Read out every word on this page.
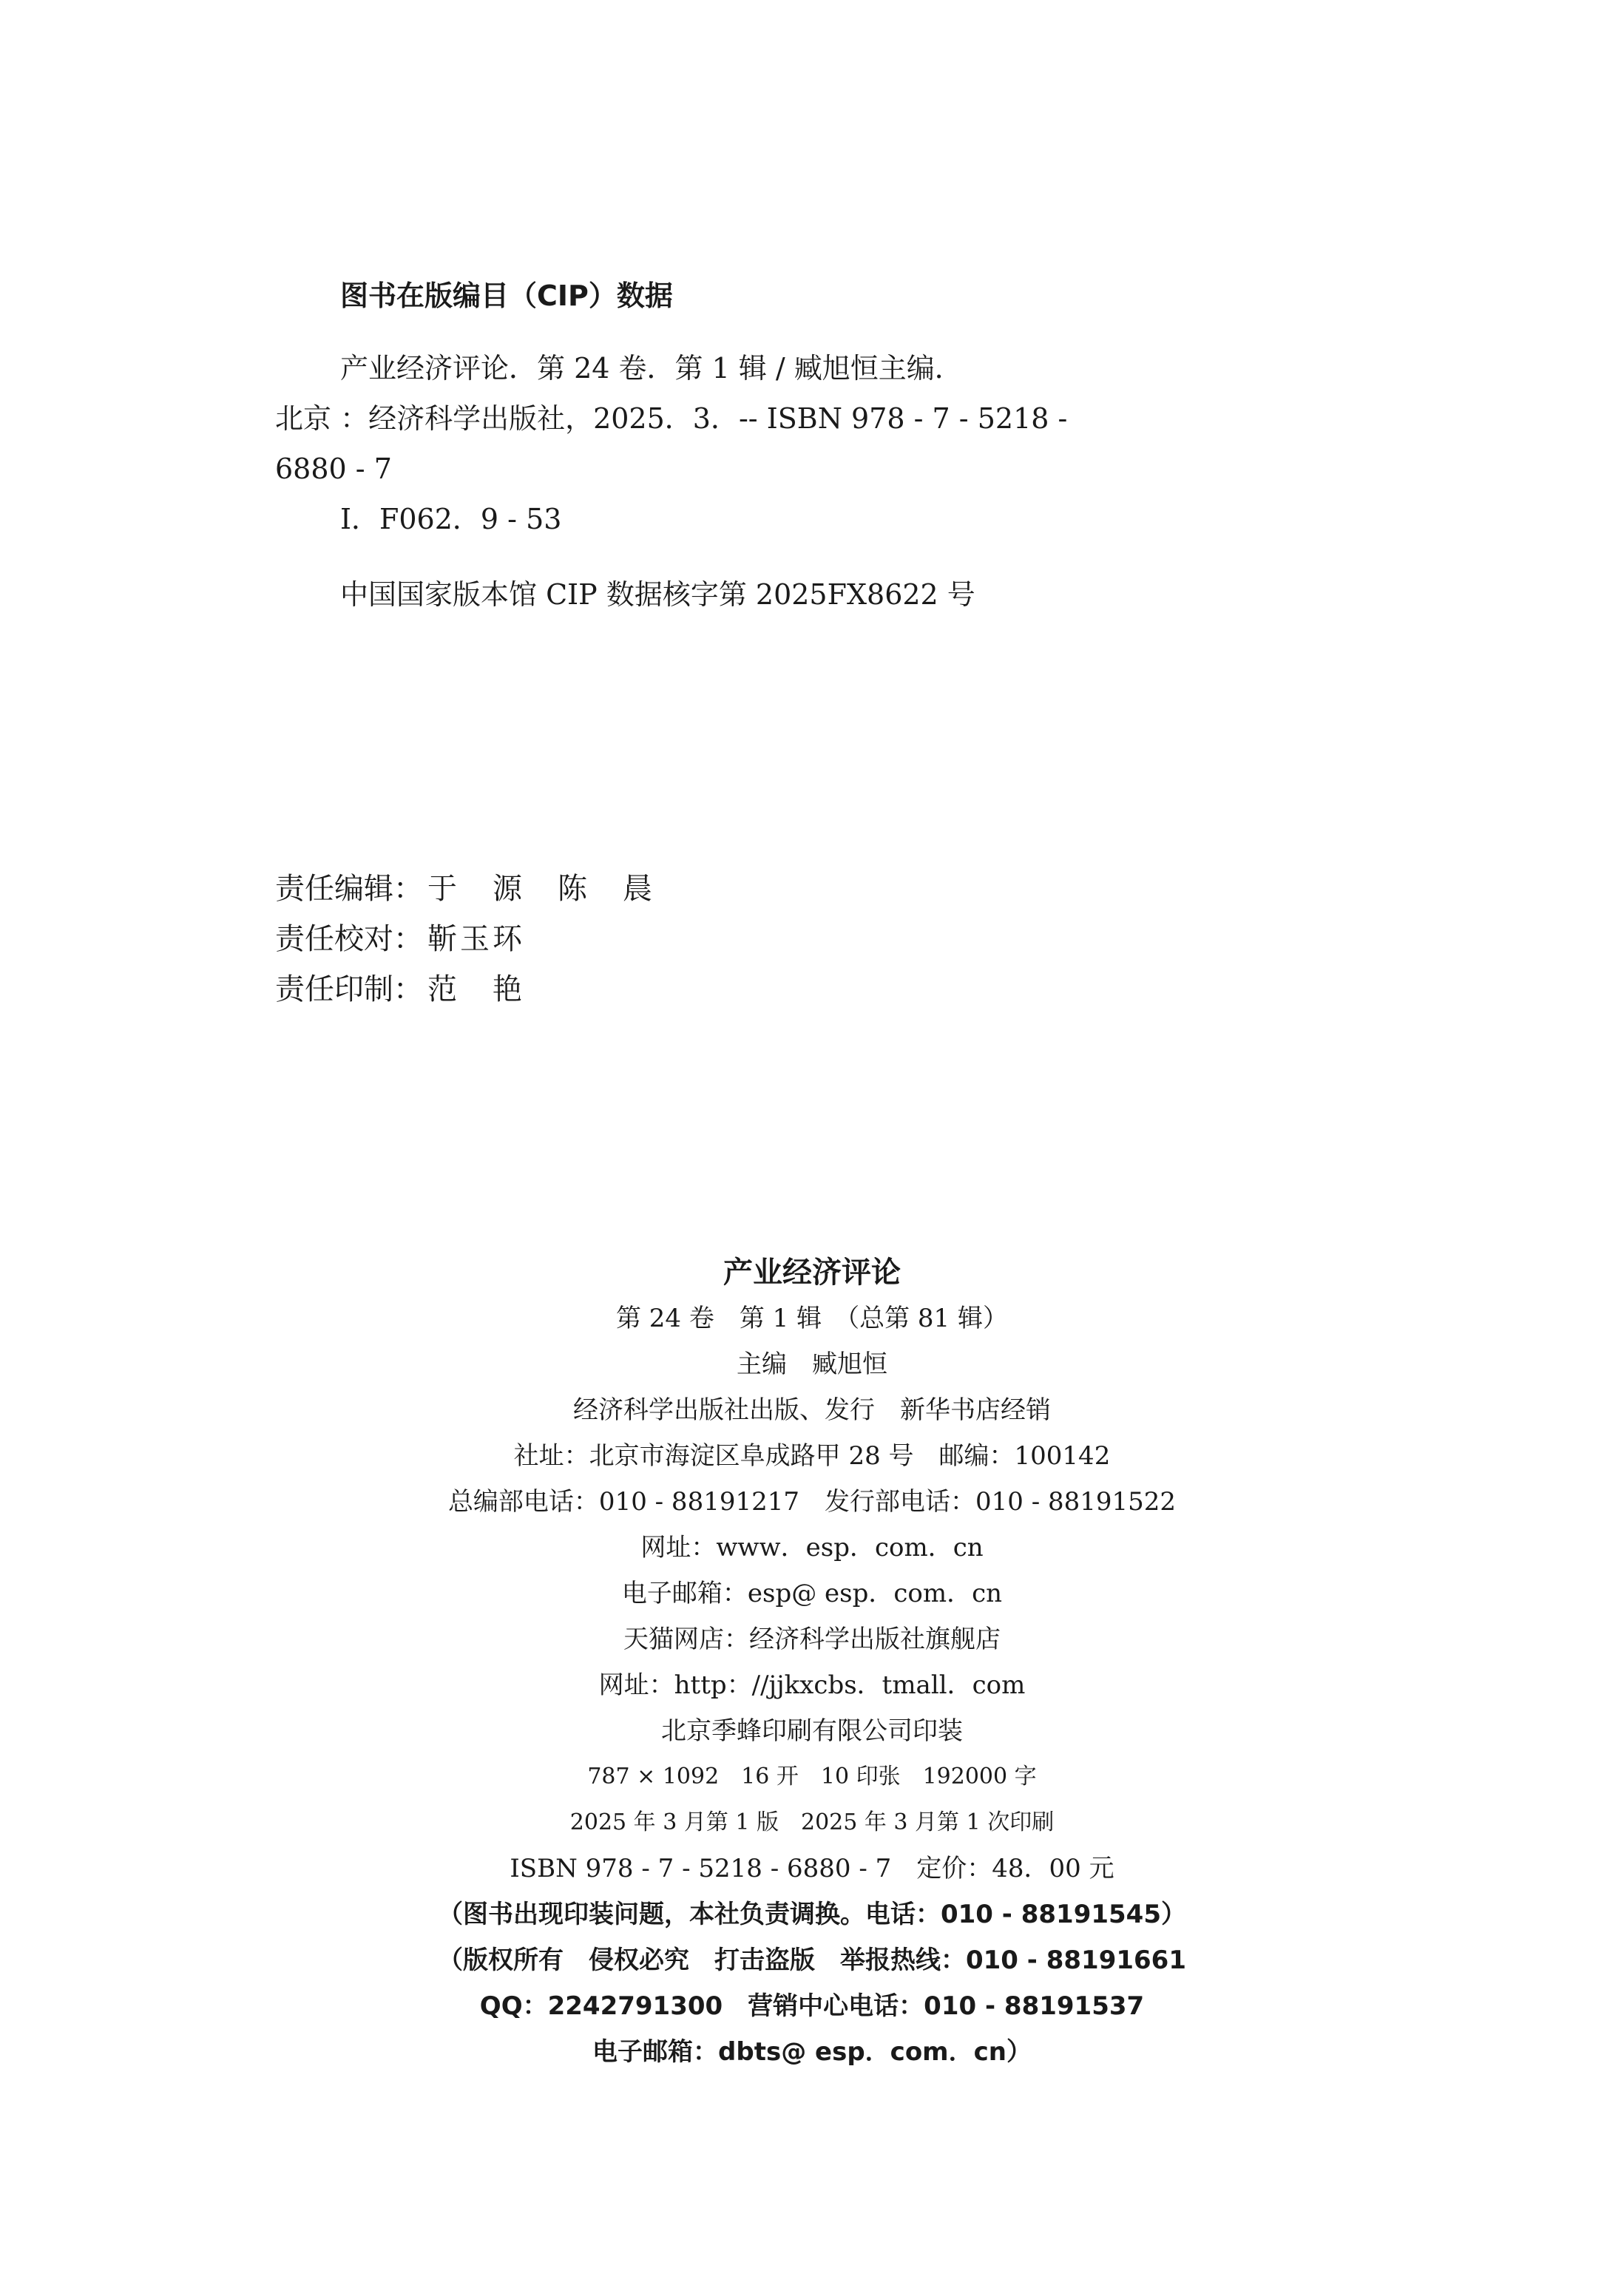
图书在版编目（CIP）数据
产业经济评论．第 24 卷．第 1 辑 / 臧旭恒主编．
北京 ：经济科学出版社，2025．3．-- ISBN 978 - 7 - 5218 -
6880 - 7
Ⅰ．F062．9 - 53
中国国家版本馆 CIP 数据核字第 2025FX8622 号
责任编辑： 于　源　陈　晨
责任校对： 靳玉环
责任印制： 范　艳
产业经济评论
第 24 卷　第 1 辑　（总第 81 辑）
主编　臧旭恒
经济科学出版社出版、发行　新华书店经销
社址：北京市海淀区阜成路甲 28 号　邮编：100142
总编部电话：010 - 88191217　发行部电话：010 - 88191522
网址：www．esp．com．cn
电子邮箱：esp@ esp．com．cn
天猫网店：经济科学出版社旗舰店
网址：http：//jjkxcbs．tmall．com
北京季蜂印刷有限公司印装
787 × 1092　16 开　10 印张　192000 字
2025 年 3 月第 1 版　2025 年 3 月第 1 次印刷
ISBN 978 - 7 - 5218 - 6880 - 7　定价：48．00 元
（图书出现印装问题，本社负责调换。电话：010 - 88191545）
（版权所有　侵权必究　打击盗版　举报热线：010 - 88191661
QQ：2242791300　营销中心电话：010 - 88191537
电子邮箱：dbts@ esp．com．cn）
